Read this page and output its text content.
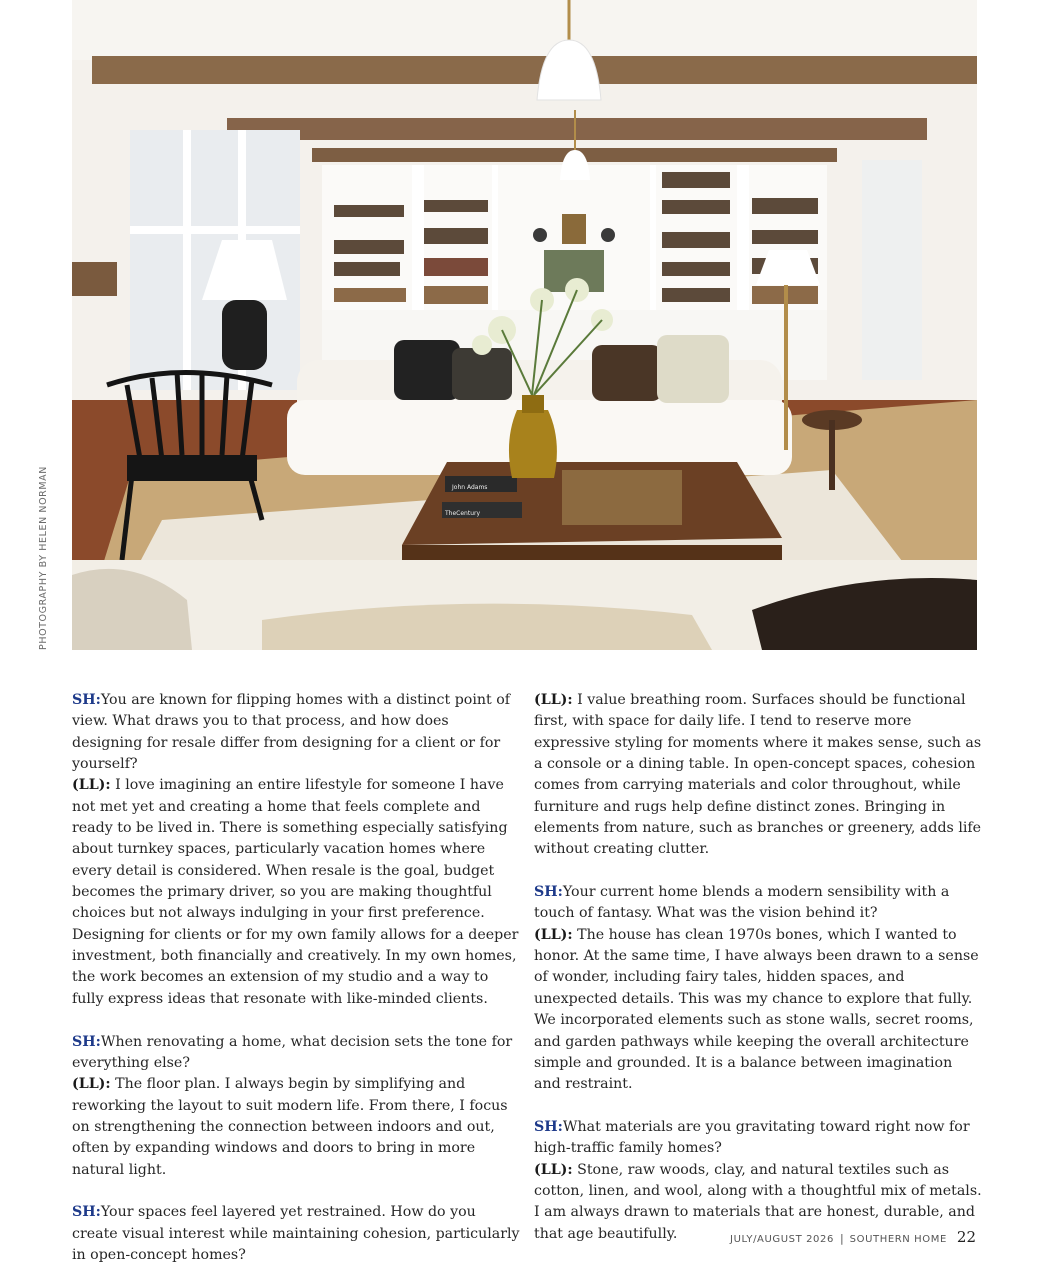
John Adams
TheCentury
PHOTOGRAPHY BY HELEN NORMAN

SH:You are known for flipping homes with a distinct point of view. What draws you to that process, and how does designing for resale differ from designing for a client or for yourself?

(LL): I love imagining an entire lifestyle for someone I have not met yet and creating a home that feels complete and ready to be lived in. There is something especially satisfying about turnkey spaces, particularly vacation homes where every detail is considered. When resale is the goal, budget becomes the primary driver, so you are making thoughtful choices but not always indulging in your first preference. Designing for clients or for my own family allows for a deeper investment, both financially and creatively. In my own homes, the work becomes an extension of my studio and a way to fully express ideas that resonate with like-minded clients.

SH:When renovating a home, what decision sets the tone for everything else?

(LL): The floor plan. I always begin by simplifying and reworking the layout to suit modern life. From there, I focus on strengthening the connection between indoors and out, often by expanding windows and doors to bring in more natural light.

SH:Your spaces feel layered yet restrained. How do you create visual interest while maintaining cohesion, particularly in open-concept homes?

(LL): I value breathing room. Surfaces should be functional first, with space for daily life. I tend to reserve more expressive styling for moments where it makes sense, such as a console or a dining table. In open-concept spaces, cohesion comes from carrying materials and color throughout, while furniture and rugs help define distinct zones. Bringing in elements from nature, such as branches or greenery, adds life without creating clutter.

SH:Your current home blends a modern sensibility with a touch of fantasy. What was the vision behind it?

(LL): The house has clean 1970s bones, which I wanted to honor. At the same time, I have always been drawn to a sense of wonder, including fairy tales, hidden spaces, and unexpected details. This was my chance to explore that fully. We incorporated elements such as stone walls, secret rooms, and garden pathways while keeping the overall architecture simple and grounded. It is a balance between imagination and restraint.

SH:What materials are you gravitating toward right now for high-traffic family homes?

(LL): Stone, raw woods, clay, and natural textiles such as cotton, linen, and wool, along with a thoughtful mix of metals. I am always drawn to materials that are honest, durable, and that age beautifully.	JULY/AUGUST 2026 | SOUTHERN HOME 22
